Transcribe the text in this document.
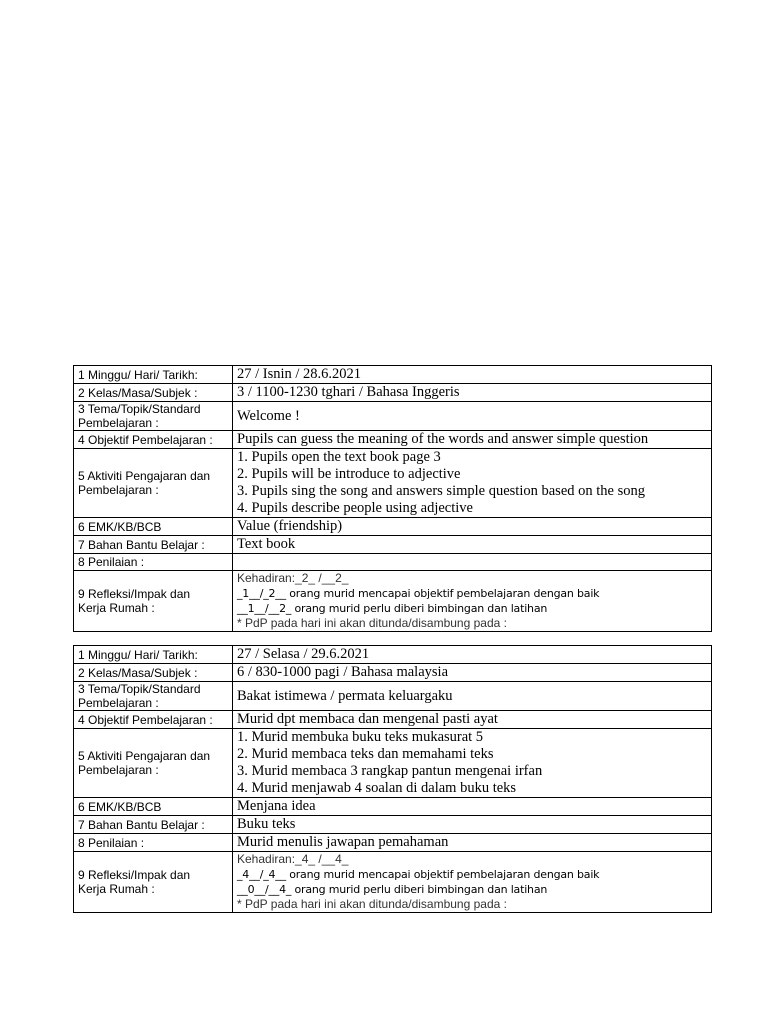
1 Minggu/ Hari/ Tarikh:	27 / Isnin / 28.6.2021
2 Kelas/Masa/Subjek :	3 / 1100-1230 tghari / Bahasa Inggeris

3 Tema/Topik/Standard
Pembelajaran :	Welcome !
4 Objektif Pembelajaran :	Pupils can guess the meaning of the words and answer simple question

5 Aktiviti Pengajaran dan
Pembelajaran :	1. Pupils open the text book page 3
2. Pupils will be introduce to adjective
3. Pupils sing the song and answers simple question based on the song
4. Pupils describe people using adjective

6 EMK/KB/BCB	Value (friendship)
7 Bahan Bantu Belajar :	Text book
8 Penilaian :	

9 Refleksi/Impak dan
Kerja Rumah :	Kehadiran:_2_ /__2_
_1__/_2__ orang murid mencapai objektif pembelajaran dengan baik
__1__/__2_ orang murid perlu diberi bimbingan dan latihan
* PdP pada hari ini akan ditunda/disambung pada :
1 Minggu/ Hari/ Tarikh:	27 / Selasa / 29.6.2021
2 Kelas/Masa/Subjek :	6 / 830-1000 pagi / Bahasa malaysia

3 Tema/Topik/Standard
Pembelajaran :	Bakat istimewa / permata keluargaku
4 Objektif Pembelajaran :	Murid dpt membaca dan mengenal pasti ayat

5 Aktiviti Pengajaran dan
Pembelajaran :	1. Murid membuka buku teks mukasurat 5
2. Murid membaca teks dan memahami teks
3. Murid membaca 3 rangkap pantun mengenai irfan
4. Murid menjawab 4 soalan di dalam buku teks

6 EMK/KB/BCB	Menjana idea
7 Bahan Bantu Belajar :	Buku teks
8 Penilaian :	Murid menulis jawapan pemahaman

9 Refleksi/Impak dan
Kerja Rumah :	Kehadiran:_4_ /__4_
_4__/_4__ orang murid mencapai objektif pembelajaran dengan baik
__0__/__4_ orang murid perlu diberi bimbingan dan latihan
* PdP pada hari ini akan ditunda/disambung pada :
